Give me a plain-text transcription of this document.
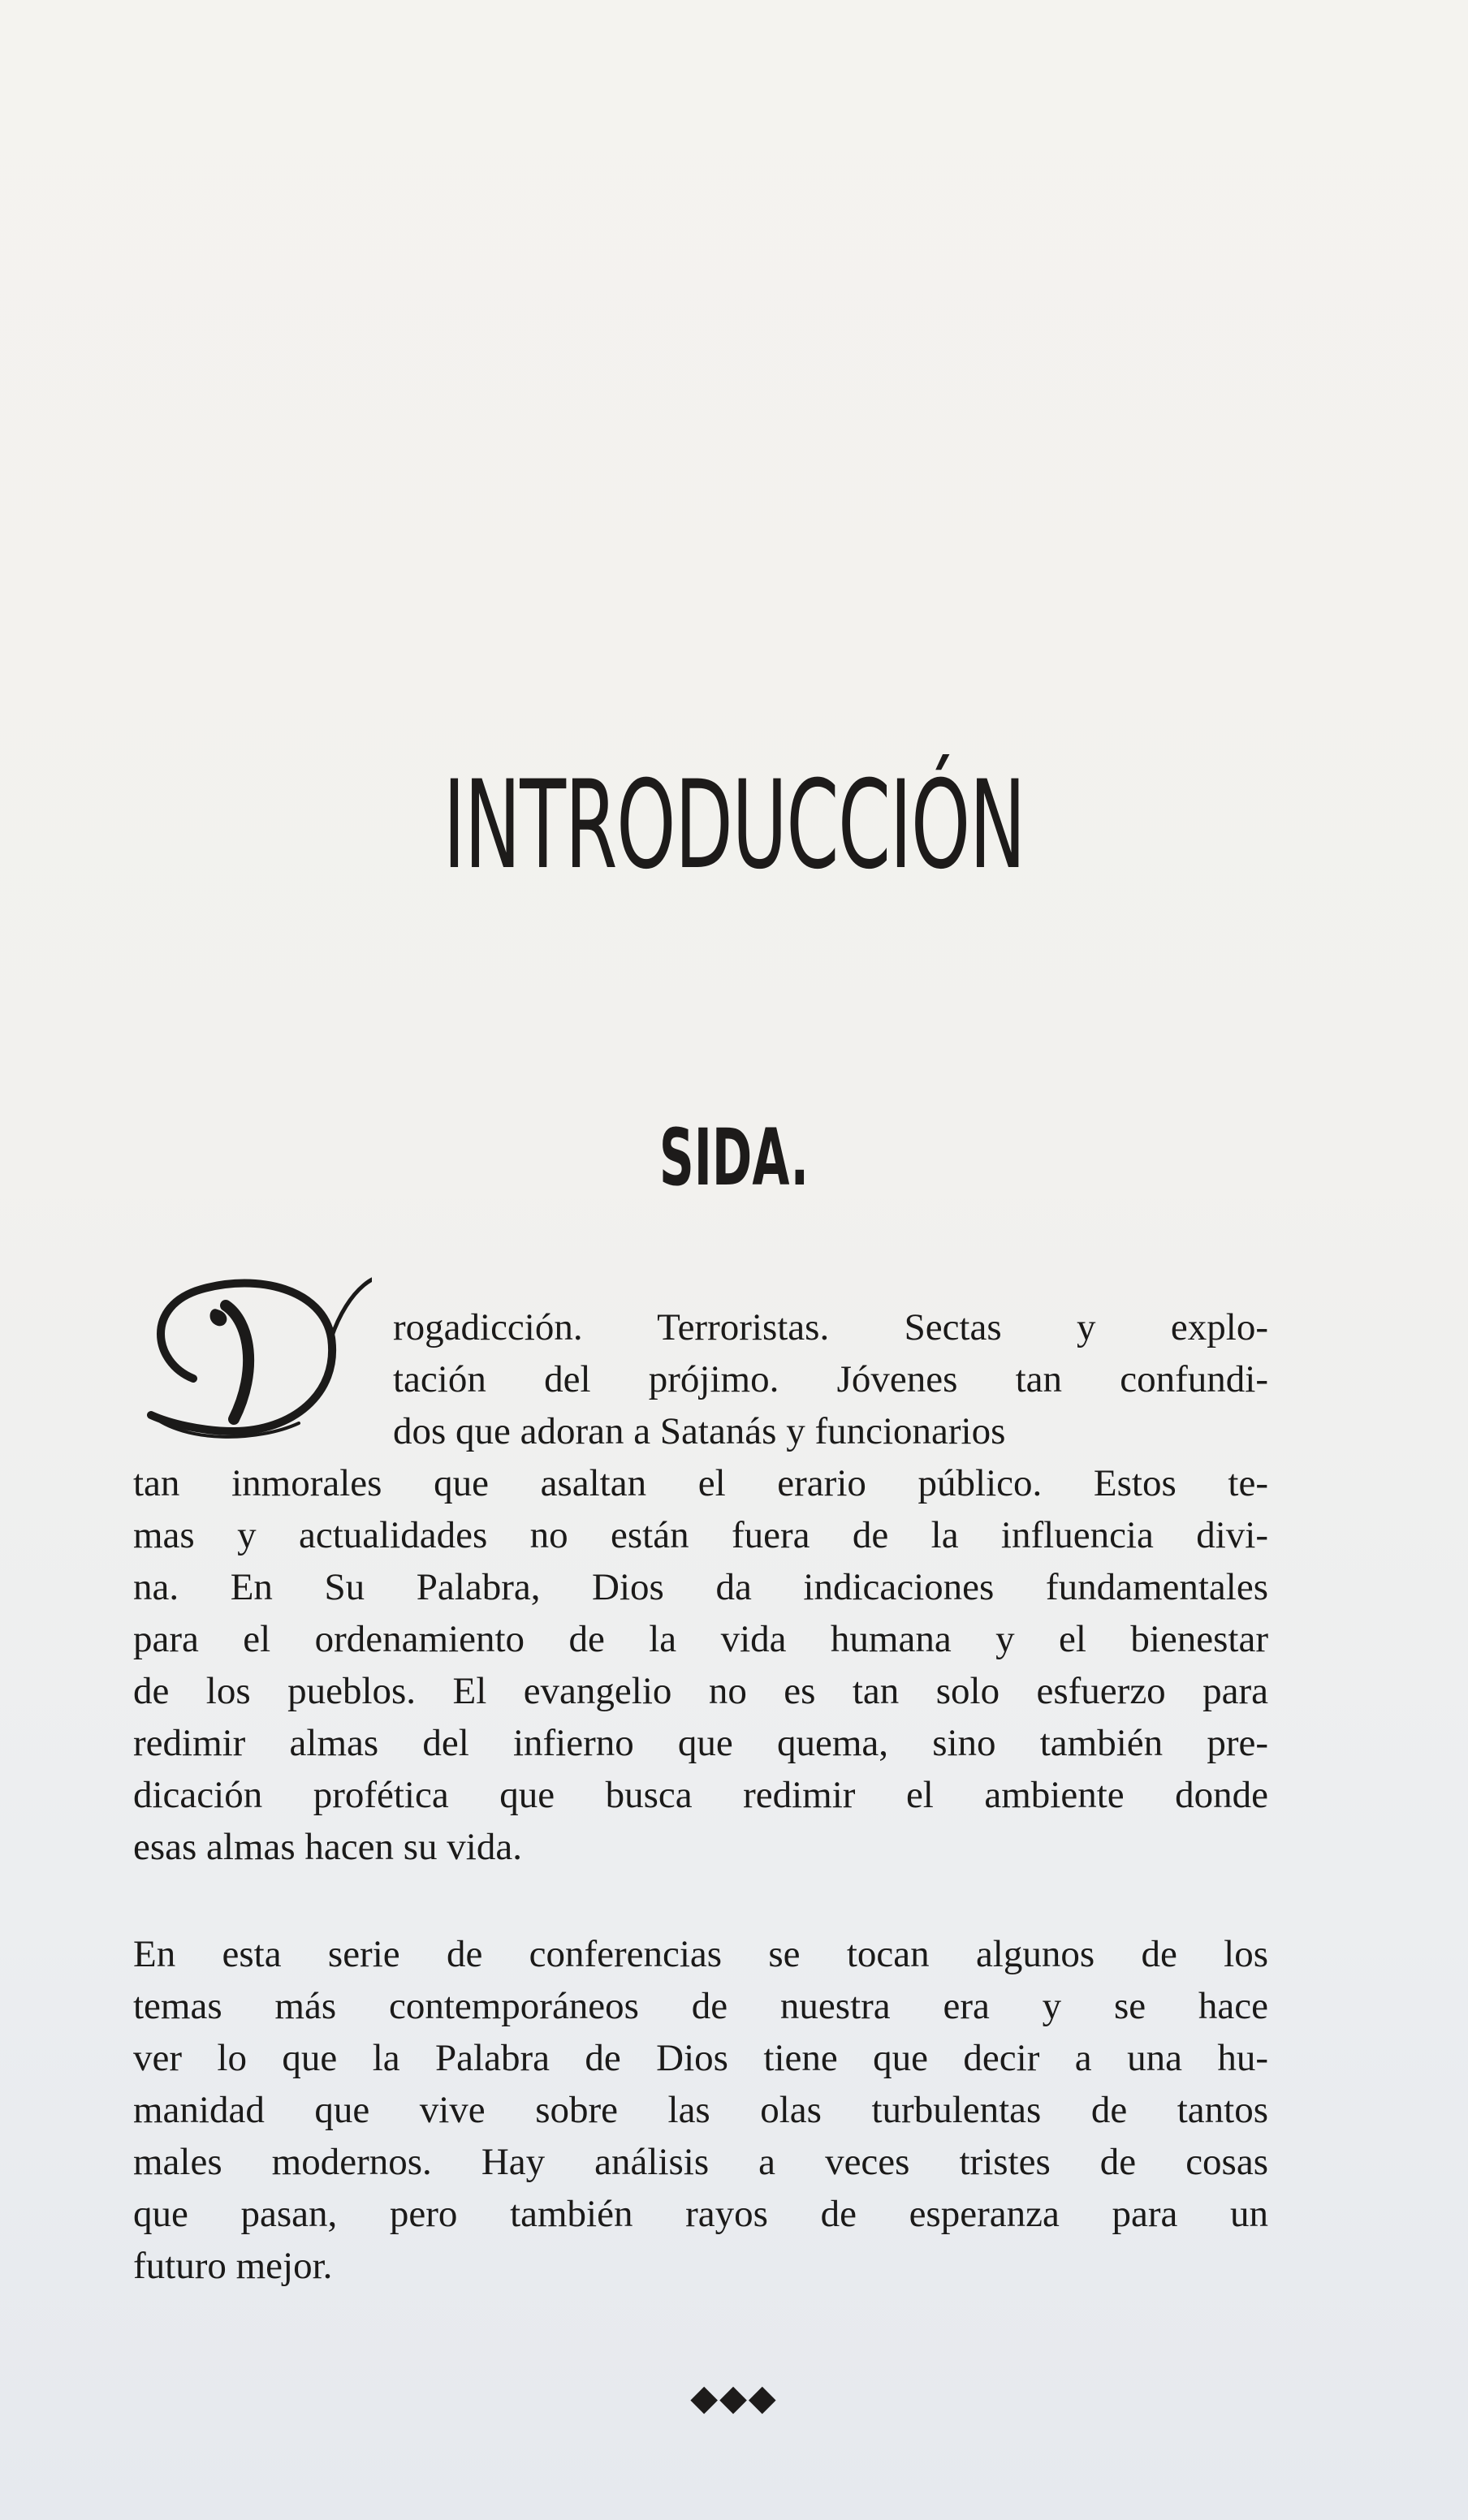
INTRODUCCIÓN
SIDA.
rogadicción. Terroristas. Sectas y explo-
tación del prójimo. Jóvenes tan confundi-
dos que adoran a Satanás y funcionarios
tan inmorales que asaltan el erario público. Estos te-
mas y actualidades no están fuera de la influencia divi-
na. En Su Palabra, Dios da indicaciones fundamentales
para el ordenamiento de la vida humana y el bienestar
de los pueblos. El evangelio no es tan solo esfuerzo para
redimir almas del infierno que quema, sino también pre-
dicación profética que busca redimir el ambiente donde
esas almas hacen su vida.
En esta serie de conferencias se tocan algunos de los
temas más contemporáneos de nuestra era y se hace
ver lo que la Palabra de Dios tiene que decir a una hu-
manidad que vive sobre las olas turbulentas de tantos
males modernos. Hay análisis a veces tristes de cosas
que pasan, pero también rayos de esperanza para un
futuro mejor.
◆◆◆
